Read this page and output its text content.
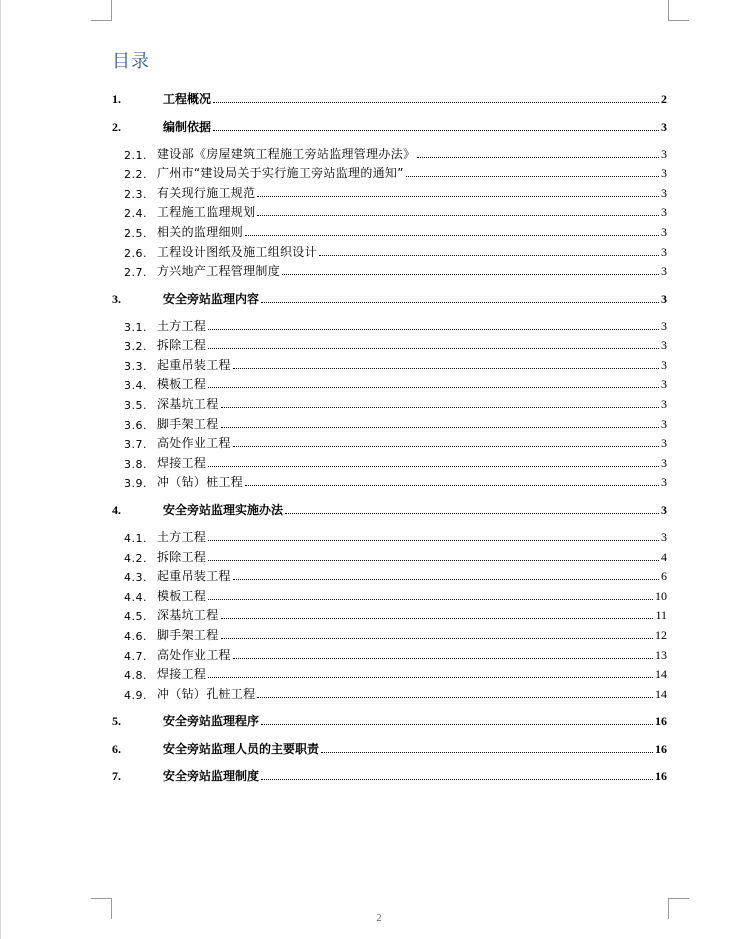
目录
1.	工程概况	2
2.	编制依据	3
2.1. 建设部《房屋建筑工程施工旁站监理管理办法》	3
2.2. 广州市“建设局关于实行施工旁站监理的通知”	3
2.3. 有关现行施工规范	3
2.4. 工程施工监理规划	3
2.5. 相关的监理细则	3
2.6. 工程设计图纸及施工组织设计	3
2.7. 方兴地产工程管理制度	3
3.	安全旁站监理内容	3
3.1. 土方工程	3
3.2. 拆除工程	3
3.3. 起重吊装工程	3
3.4. 模板工程	3
3.5. 深基坑工程	3
3.6. 脚手架工程	3
3.7. 高处作业工程	3
3.8. 焊接工程	3
3.9. 冲（钻）桩工程	3
4.	安全旁站监理实施办法	3
4.1. 土方工程	3
4.2. 拆除工程	4
4.3. 起重吊装工程	6
4.4. 模板工程	10
4.5. 深基坑工程	11
4.6. 脚手架工程	12
4.7. 高处作业工程	13
4.8. 焊接工程	14
4.9. 冲（钻）孔桩工程	14
5.	安全旁站监理程序	16
6.	安全旁站监理人员的主要职责	16
7.	安全旁站监理制度	16
2
